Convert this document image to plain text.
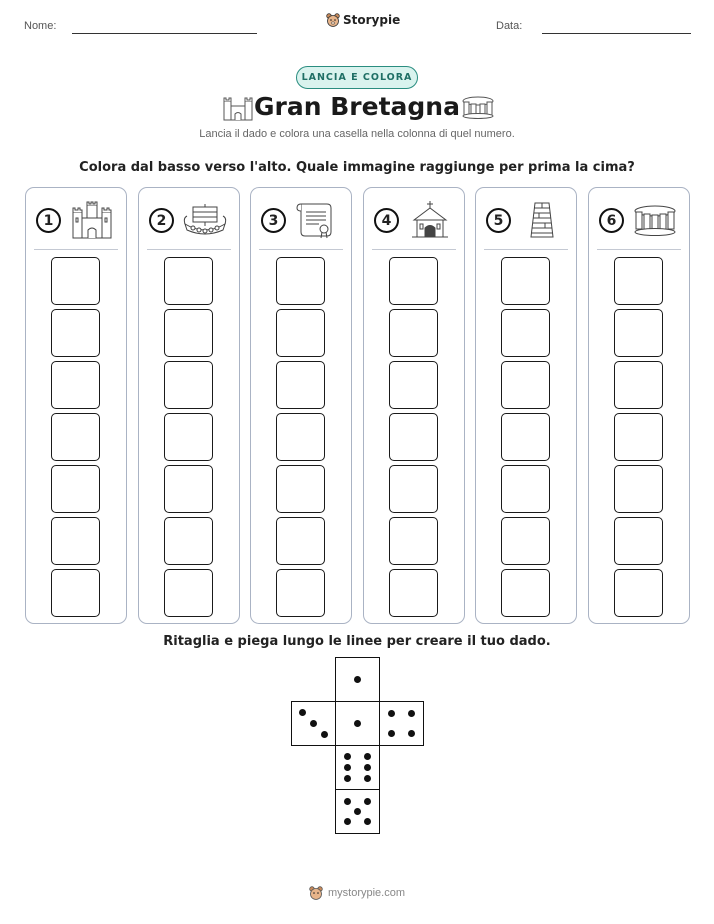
Nome:	Storypie	Data:
LANCIA E COLORA
Gran Bretagna
Lancia il dado e colora una casella nella colonna di quel numero.
Colora dal basso verso l'alto. Quale immagine raggiunge per prima la cima?
1	2	3	4	5	6
Ritaglia e piega lungo le linee per creare il tuo dado.
mystorypie.com
